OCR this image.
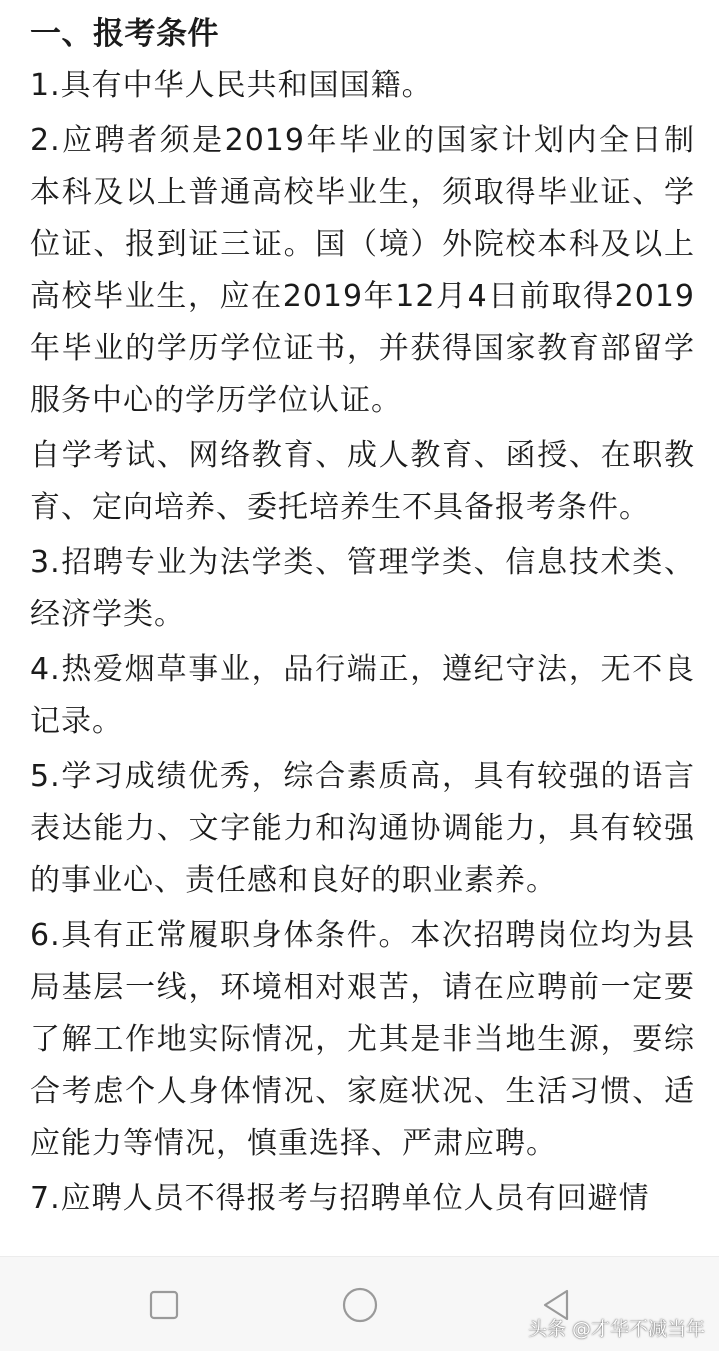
一、报考条件

1.具有中华人民共和国国籍。

2.应聘者须是2019年毕业的国家计划内全日制本科及以上普通高校毕业生，须取得毕业证、学位证、报到证三证。国（境）外院校本科及以上高校毕业生，应在2019年12月4日前取得2019年毕业的学历学位证书，并获得国家教育部留学服务中心的学历学位认证。

自学考试、网络教育、成人教育、函授、在职教育、定向培养、委托培养生不具备报考条件。

3.招聘专业为法学类、管理学类、信息技术类、经济学类。

4.热爱烟草事业，品行端正，遵纪守法，无不良记录。

5.学习成绩优秀，综合素质高，具有较强的语言表达能力、文字能力和沟通协调能力，具有较强的事业心、责任感和良好的职业素养。

6.具有正常履职身体条件。本次招聘岗位均为县局基层一线，环境相对艰苦，请在应聘前一定要了解工作地实际情况，尤其是非当地生源，要综合考虑个人身体情况、家庭状况、生活习惯、适应能力等情况，慎重选择、严肃应聘。

7.应聘人员不得报考与招聘单位人员有回避情

头条 @才华不减当年
